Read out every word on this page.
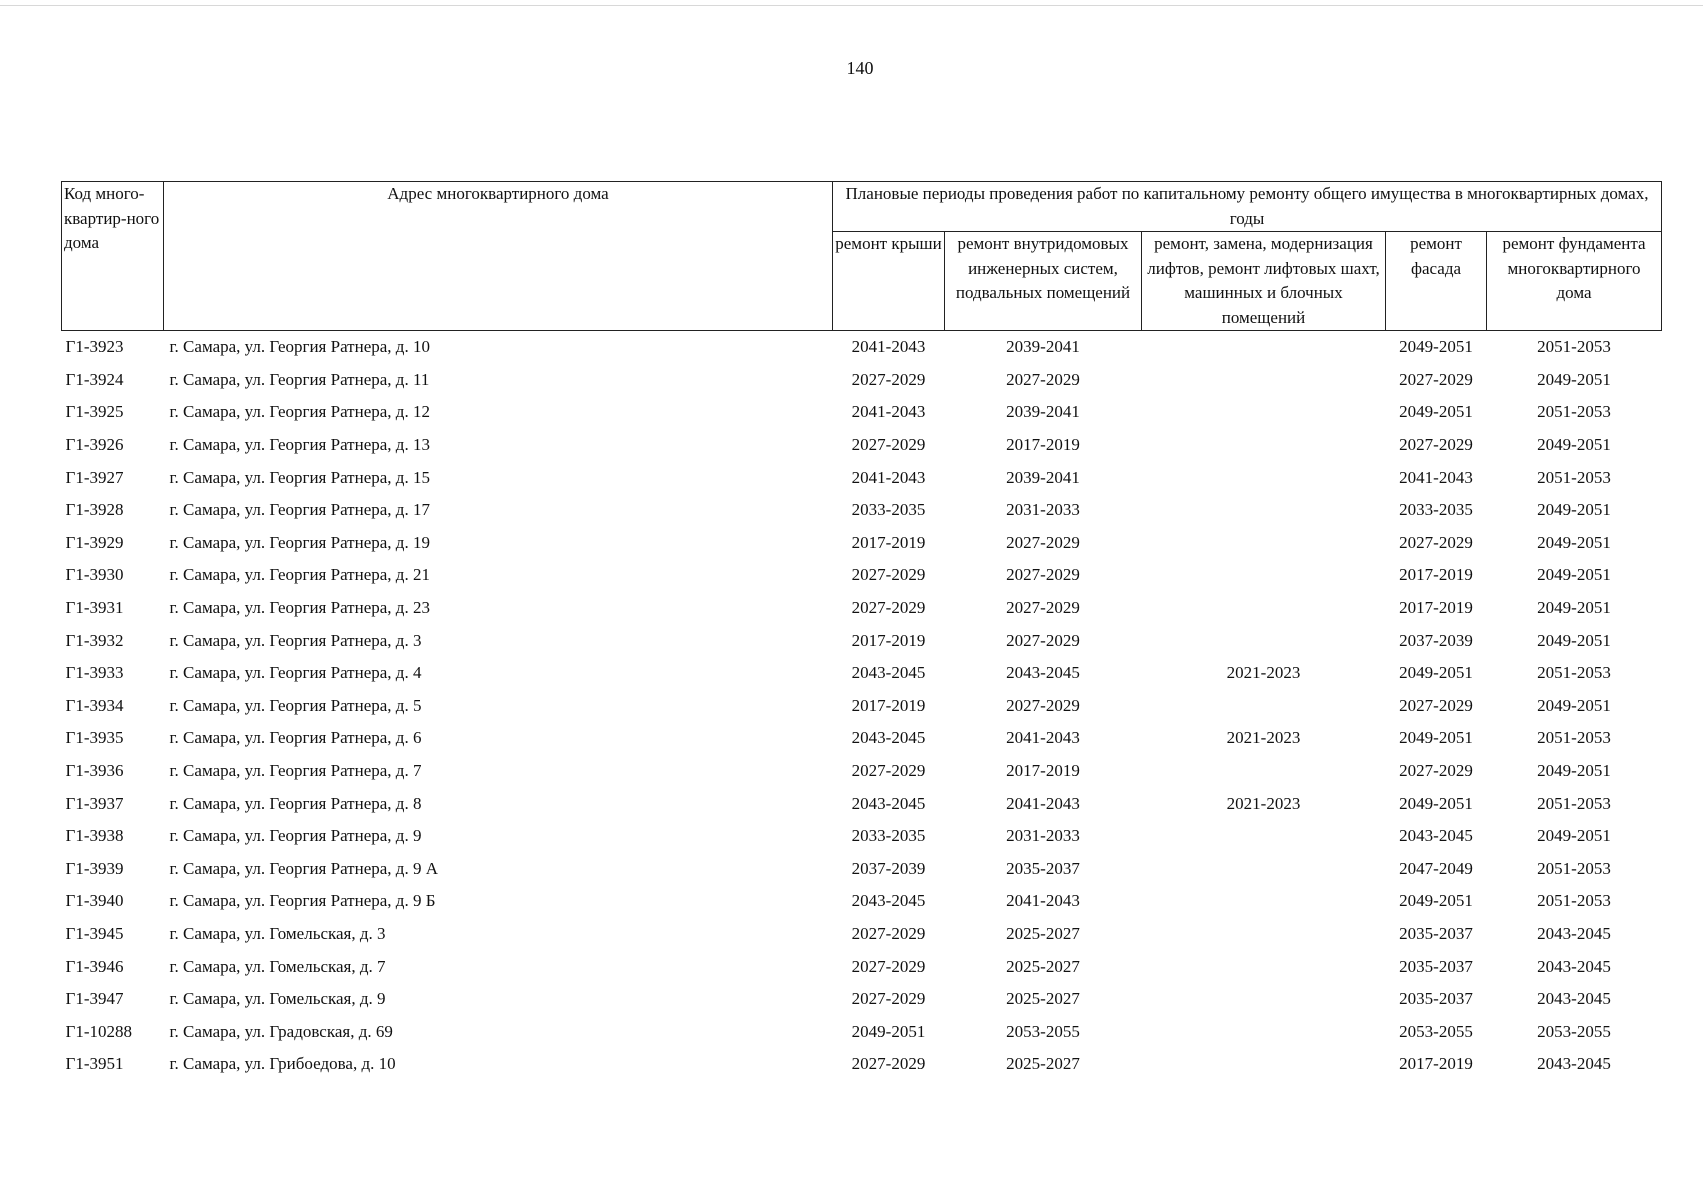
140
Код много-квартир-ного дома	Адрес многоквартирного дома	Плановые периоды проведения работ по капитальному ремонту общего имущества в многоквартирных домах, годы				
		ремонт крыши	ремонт внутридомовых инженерных систем, подвальных помещений	ремонт, замена, модернизация лифтов, ремонт лифтовых шахт, машинных и блочных помещений	ремонт фасада	ремонт фундамента многоквартирного дома
Г1-3923	г. Самара, ул. Георгия Ратнера, д. 10	2041-2043	2039-2041		2049-2051	2051-2053
Г1-3924	г. Самара, ул. Георгия Ратнера, д. 11	2027-2029	2027-2029		2027-2029	2049-2051
Г1-3925	г. Самара, ул. Георгия Ратнера, д. 12	2041-2043	2039-2041		2049-2051	2051-2053
Г1-3926	г. Самара, ул. Георгия Ратнера, д. 13	2027-2029	2017-2019		2027-2029	2049-2051
Г1-3927	г. Самара, ул. Георгия Ратнера, д. 15	2041-2043	2039-2041		2041-2043	2051-2053
Г1-3928	г. Самара, ул. Георгия Ратнера, д. 17	2033-2035	2031-2033		2033-2035	2049-2051
Г1-3929	г. Самара, ул. Георгия Ратнера, д. 19	2017-2019	2027-2029		2027-2029	2049-2051
Г1-3930	г. Самара, ул. Георгия Ратнера, д. 21	2027-2029	2027-2029		2017-2019	2049-2051
Г1-3931	г. Самара, ул. Георгия Ратнера, д. 23	2027-2029	2027-2029		2017-2019	2049-2051
Г1-3932	г. Самара, ул. Георгия Ратнера, д. 3	2017-2019	2027-2029		2037-2039	2049-2051
Г1-3933	г. Самара, ул. Георгия Ратнера, д. 4	2043-2045	2043-2045	2021-2023	2049-2051	2051-2053
Г1-3934	г. Самара, ул. Георгия Ратнера, д. 5	2017-2019	2027-2029		2027-2029	2049-2051
Г1-3935	г. Самара, ул. Георгия Ратнера, д. 6	2043-2045	2041-2043	2021-2023	2049-2051	2051-2053
Г1-3936	г. Самара, ул. Георгия Ратнера, д. 7	2027-2029	2017-2019		2027-2029	2049-2051
Г1-3937	г. Самара, ул. Георгия Ратнера, д. 8	2043-2045	2041-2043	2021-2023	2049-2051	2051-2053
Г1-3938	г. Самара, ул. Георгия Ратнера, д. 9	2033-2035	2031-2033		2043-2045	2049-2051
Г1-3939	г. Самара, ул. Георгия Ратнера, д. 9 А	2037-2039	2035-2037		2047-2049	2051-2053
Г1-3940	г. Самара, ул. Георгия Ратнера, д. 9 Б	2043-2045	2041-2043		2049-2051	2051-2053
Г1-3945	г. Самара, ул. Гомельская, д. 3	2027-2029	2025-2027		2035-2037	2043-2045
Г1-3946	г. Самара, ул. Гомельская, д. 7	2027-2029	2025-2027		2035-2037	2043-2045
Г1-3947	г. Самара, ул. Гомельская, д. 9	2027-2029	2025-2027		2035-2037	2043-2045
Г1-10288	г. Самара, ул. Градовская, д. 69	2049-2051	2053-2055		2053-2055	2053-2055
Г1-3951	г. Самара, ул. Грибоедова, д. 10	2027-2029	2025-2027		2017-2019	2043-2045
